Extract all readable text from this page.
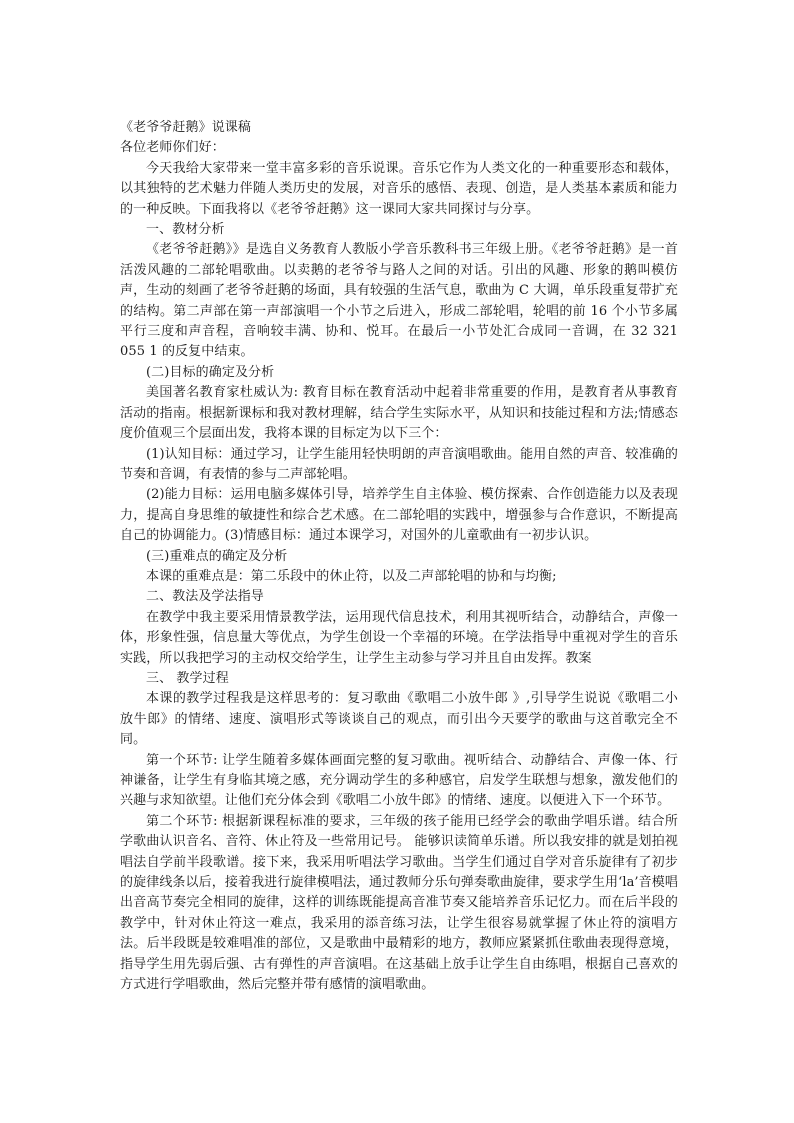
《老爷爷赶鹅》说课稿

各位老师你们好：

今天我给大家带来一堂丰富多彩的音乐说课。音乐它作为人类文化的一种重要形态和载体，以其独特的艺术魅力伴随人类历史的发展，对音乐的感悟、表现、创造，是人类基本素质和能力的一种反映。下面我将以《老爷爷赶鹅》这一课同大家共同探讨与分享。

一、教材分析

《老爷爷赶鹅》》是选自义务教育人教版小学音乐教科书三年级上册。《老爷爷赶鹅》是一首活泼风趣的二部轮唱歌曲。以卖鹅的老爷爷与路人之间的对话。引出的风趣、形象的鹅叫模仿声，生动的刻画了老爷爷赶鹅的场面，具有较强的生活气息，歌曲为 C 大调，单乐段重复带扩充的结构。第二声部在第一声部演唱一个小节之后进入，形成二部轮唱，轮唱的前 16 个小节多属平行三度和声音程，音响较丰满、协和、悦耳。在最后一小节处汇合成同一音调，在 32 321 055 1 的反复中结束。

(二)目标的确定及分析

美国著名教育家杜威认为: 教育目标在教育活动中起着非常重要的作用，是教育者从事教育活动的指南。根据新课标和我对教材理解，结合学生实际水平，从知识和技能过程和方法;情感态度价值观三个层面出发，我将本课的目标定为以下三个：

(1)认知目标：通过学习，让学生能用轻快明朗的声音演唱歌曲。能用自然的声音、较准确的节奏和音调，有表情的参与二声部轮唱。

(2)能力目标：运用电脑多媒体引导，培养学生自主体验、模仿探索、合作创造能力以及表现力，提高自身思维的敏捷性和综合艺术感。在二部轮唱的实践中，增强参与合作意识，不断提高自己的协调能力。(3)情感目标：通过本课学习，对国外的儿童歌曲有一初步认识。

(三)重难点的确定及分析

本课的重难点是：第二乐段中的休止符，以及二声部轮唱的协和与均衡;

二、教法及学法指导

在教学中我主要采用情景教学法，运用现代信息技术，利用其视听结合，动静结合，声像一体，形象性强，信息量大等优点，为学生创设一个幸福的环境。在学法指导中重视对学生的音乐实践，所以我把学习的主动权交给学生，让学生主动参与学习并且自由发挥。教案

三、 教学过程

本课的教学过程我是这样思考的：复习歌曲《歌唱二小放牛郎 》,引导学生说说《歌唱二小放牛郎》的情绪、速度、演唱形式等谈谈自己的观点，而引出今天要学的歌曲与这首歌完全不同。

第一个环节: 让学生随着多媒体画面完整的复习歌曲。视听结合、动静结合、声像一体、行神谦备，让学生有身临其境之感，充分调动学生的多种感官，启发学生联想与想象，激发他们的兴趣与求知欲望。让他们充分体会到《歌唱二小放牛郎》的情绪、速度。以便进入下一个环节。

第二个环节: 根据新课程标准的要求，三年级的孩子能用已经学会的歌曲学唱乐谱。结合所学歌曲认识音名、音符、休止符及一些常用记号。 能够识读简单乐谱。所以我安排的就是划拍视唱法自学前半段歌谱。接下来，我采用听唱法学习歌曲。当学生们通过自学对音乐旋律有了初步的旋律线条以后，接着我进行旋律模唱法，通过教师分乐句弹奏歌曲旋律，要求学生用‘la’音模唱出音高节奏完全相同的旋律，这样的训练既能提高音准节奏又能培养音乐记忆力。而在后半段的教学中，针对休止符这一难点，我采用的添音练习法，让学生很容易就掌握了休止符的演唱方法。后半段既是较难唱准的部位，又是歌曲中最精彩的地方，教师应紧紧抓住歌曲表现得意境，指导学生用先弱后强、古有弹性的声音演唱。在这基础上放手让学生自由练唱，根据自己喜欢的方式进行学唱歌曲，然后完整并带有感情的演唱歌曲。
